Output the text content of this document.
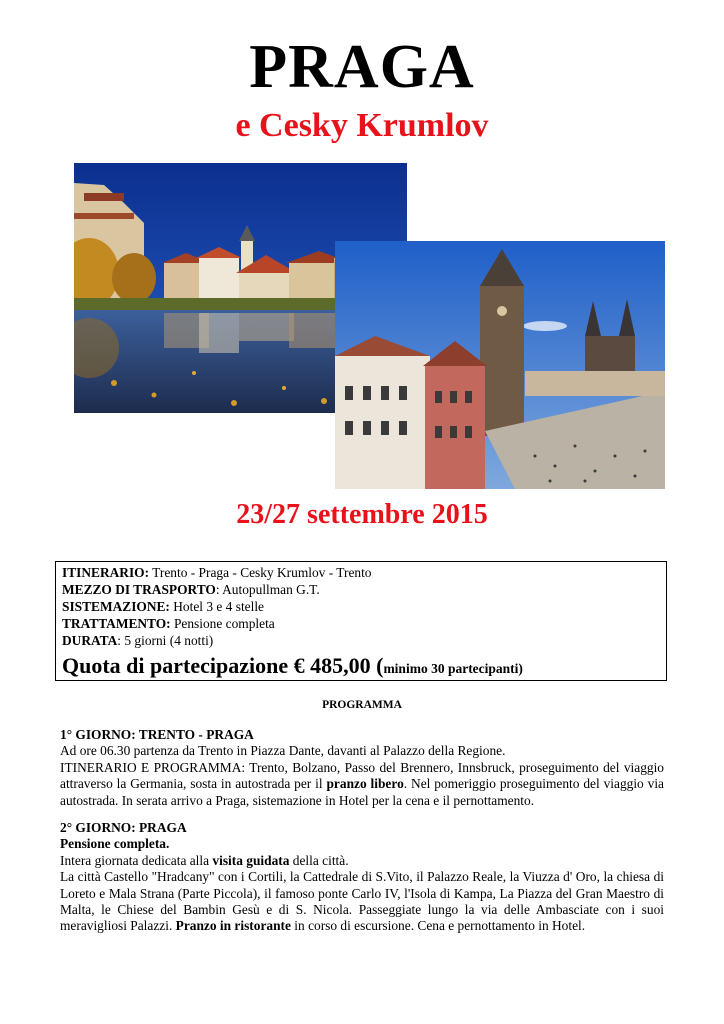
PRAGA
e Cesky Krumlov
23/27 settembre 2015
ITINERARIO: Trento - Praga - Cesky Krumlov - Trento
MEZZO DI TRASPORTO: Autopullman G.T.
SISTEMAZIONE: Hotel 3 e 4 stelle
TRATTAMENTO: Pensione completa
DURATA: 5 giorni (4 notti)
Quota di partecipazione € 485,00 (minimo 30 partecipanti)
PROGRAMMA

1° GIORNO: TRENTO - PRAGA

Ad ore 06.30 partenza da Trento in Piazza Dante, davanti al Palazzo della Regione.

ITINERARIO E PROGRAMMA: Trento, Bolzano, Passo del Brennero, Innsbruck, proseguimento del viaggio attraverso la Germania, sosta in autostrada per il pranzo libero. Nel pomeriggio proseguimento del viaggio via autostrada. In serata arrivo a Praga, sistemazione in Hotel per la cena e il pernottamento.

2° GIORNO: PRAGA

Pensione completa.

Intera giornata dedicata alla visita guidata della città.

La città Castello "Hradcany" con i Cortili, la Cattedrale di S.Vito, il Palazzo Reale, la Viuzza d' Oro, la chiesa di Loreto e Mala Strana (Parte Piccola), il famoso ponte Carlo IV, l'Isola di Kampa, La Piazza del Gran Maestro di Malta, le Chiese del Bambin Gesù e di S. Nicola. Passeggiate lungo la via delle Ambasciate con i suoi meravigliosi Palazzi. Pranzo in ristorante in corso di escursione. Cena e pernottamento in Hotel.
